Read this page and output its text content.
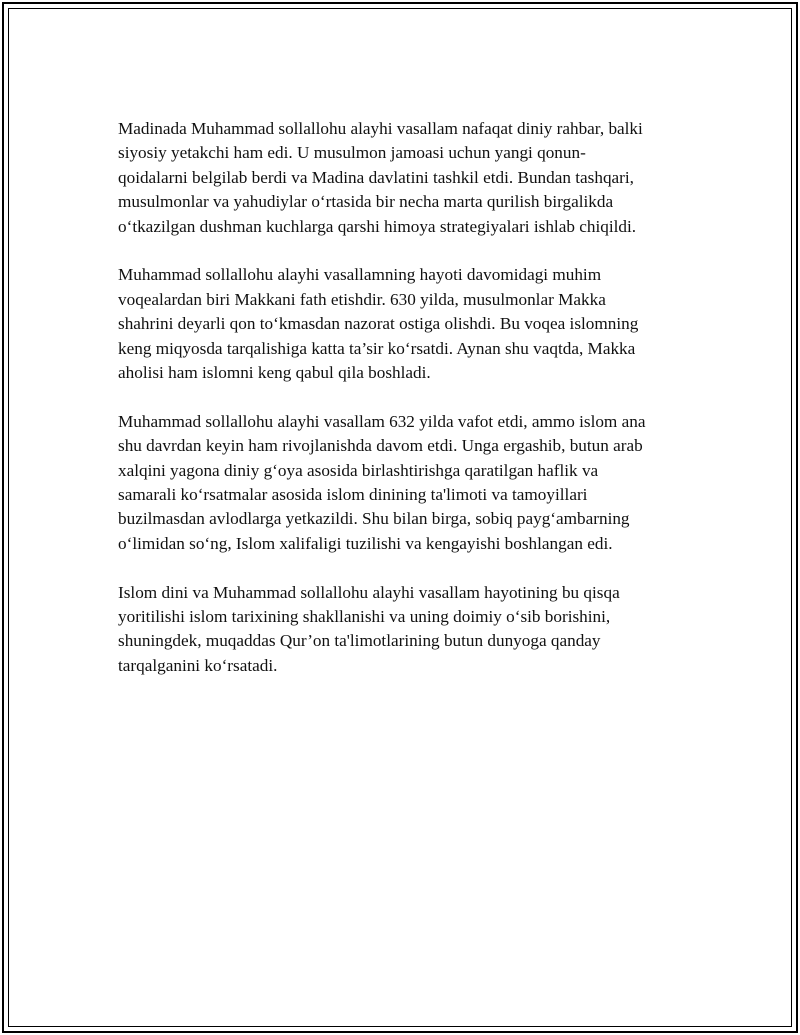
Madinada Muhammad sollallohu alayhi vasallam nafaqat diniy rahbar, balki
siyosiy yetakchi ham edi. U musulmon jamoasi uchun yangi qonun-
qoidalarni belgilab berdi va Madina davlatini tashkil etdi. Bundan tashqari,
musulmonlar va yahudiylar o‘rtasida bir necha marta qurilish birgalikda
o‘tkazilgan dushman kuchlarga qarshi himoya strategiyalari ishlab chiqildi.

Muhammad sollallohu alayhi vasallamning hayoti davomidagi muhim
voqealardan biri Makkani fath etishdir. 630 yilda, musulmonlar Makka
shahrini deyarli qon to‘kmasdan nazorat ostiga olishdi. Bu voqea islomning
keng miqyosda tarqalishiga katta ta’sir ko‘rsatdi. Aynan shu vaqtda, Makka
aholisi ham islomni keng qabul qila boshladi.

Muhammad sollallohu alayhi vasallam 632 yilda vafot etdi, ammo islom ana
shu davrdan keyin ham rivojlanishda davom etdi. Unga ergashib, butun arab
xalqini yagona diniy g‘oya asosida birlashtirishga qaratilgan haflik va
samarali ko‘rsatmalar asosida islom dinining ta'limoti va tamoyillari
buzilmasdan avlodlarga yetkazildi. Shu bilan birga, sobiq payg‘ambarning
o‘limidan so‘ng, Islom xalifaligi tuzilishi va kengayishi boshlangan edi.

Islom dini va Muhammad sollallohu alayhi vasallam hayotining bu qisqa
yoritilishi islom tarixining shakllanishi va uning doimiy o‘sib borishini,
shuningdek, muqaddas Qur’on ta'limotlarining butun dunyoga qanday
tarqalganini ko‘rsatadi.
